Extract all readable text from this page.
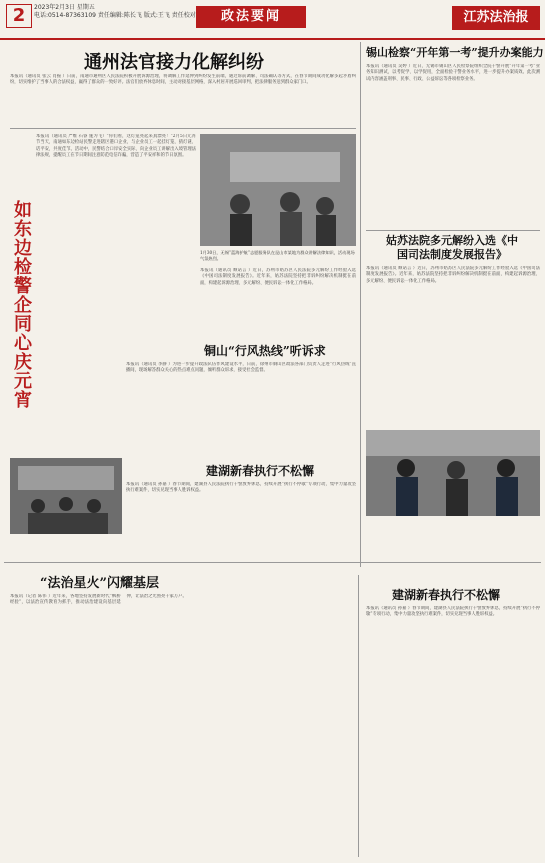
2	2023年2月3日 星期五
电话:0514-87363109 责任编辑:陈长飞 版式:王飞 责任校对	政法要闻	江苏法治报
通州法官接力化解纠纷
本报讯（通讯员 张云 肖振 ）日前，南通市通州区人民法院积极开展诉源治理，将调解工作延伸到纠纷发生前端，通过诉前调解、司法确认等方式，在春节期间成功化解多起矛盾纠纷，切实维护了当事人的合法权益，赢得了群众的一致好评。法官们放弃休息时间，主动对接基层网格，深入村居开展巡回审判，把法律服务送到群众家门口。
如东边检警企同心庆元宵
本报讯（通讯员 严维 石睿 施为飞）“你们看，这灯笼亮起来真漂亮！”2月5日元宵节当天，南通如东边检站民警走进辖区港口企业，与企业员工一起挂灯笼、猜灯谜、话平安，共度佳节。活动中，民警结合口岸安全实际，向企业员工讲解出入境管理法律法规，提醒员工在节日期间注意防范电信诈骗，营造了平安祥和的节日氛围。
1月30日，无锡“蓝海护航”志愿服务队在昆山市某地为群众讲解法律知识，活动现场气氛热烈。
本报讯（通讯员 顾诺言 ）近日，苏州市姑苏区人民法院多元解纷工作经验入选《中国司法制度发展报告》。近年来，姑苏法院坚持把非诉纠纷解决机制挺在前面，构建起诉源治理、多元解纷、便民诉讼一体化工作格局。
铜山“行风热线”听诉求
本报讯（通讯员 李静 ）为进一步提升政法队伍作风建设水平，日前，徐州市铜山区政法各部门负责人走进“行风热线”直播间，现场解答群众关心的热点难点问题，倾听群众诉求，接受社会监督。
建湖新春执行不松懈
本报讯（通讯员 孙嘉 ）春节期间，建湖县人民法院执行干警放弃休息，持续开展“执行不停歇”专项行动，集中力量攻坚执行难案件，切实兑现当事人胜诉权益。
锡山检察“开年第一考”提升办案能力
本报讯（通讯员 吴婷 ）近日，无锡市锡山区人民检察院组织全院干警开展“开年第一考”业务知识测试，以考促学、以学促用，全面检验干警业务水平，进一步提升办案质效。此次测试内容涵盖刑事、民事、行政、公益诉讼等各项检察业务。
姑苏法院多元解纷入选《中国司法制度发展报告》
本报讯（通讯员 顾诺言 ）近日，苏州市姑苏区人民法院多元解纷工作经验入选《中国司法制度发展报告》。近年来，姑苏法院坚持把非诉纠纷解决机制挺在前面，构建起诉源治理、多元解纷、便民诉讼一体化工作格局。
“法治星火”闪耀基层
本报讯（记者 陈伟 ）近年来，各地坚持发展新时代“枫桥经验”，以法治宣传教育为抓手，推动法治建设向基层延伸，让法治之光照亮千家万户。	建湖新春执行不松懈
本报讯（通讯员 孙嘉 ）春节期间，建湖县人民法院执行干警放弃休息，持续开展“执行不停歇”专项行动，集中力量攻坚执行难案件，切实兑现当事人胜诉权益。
